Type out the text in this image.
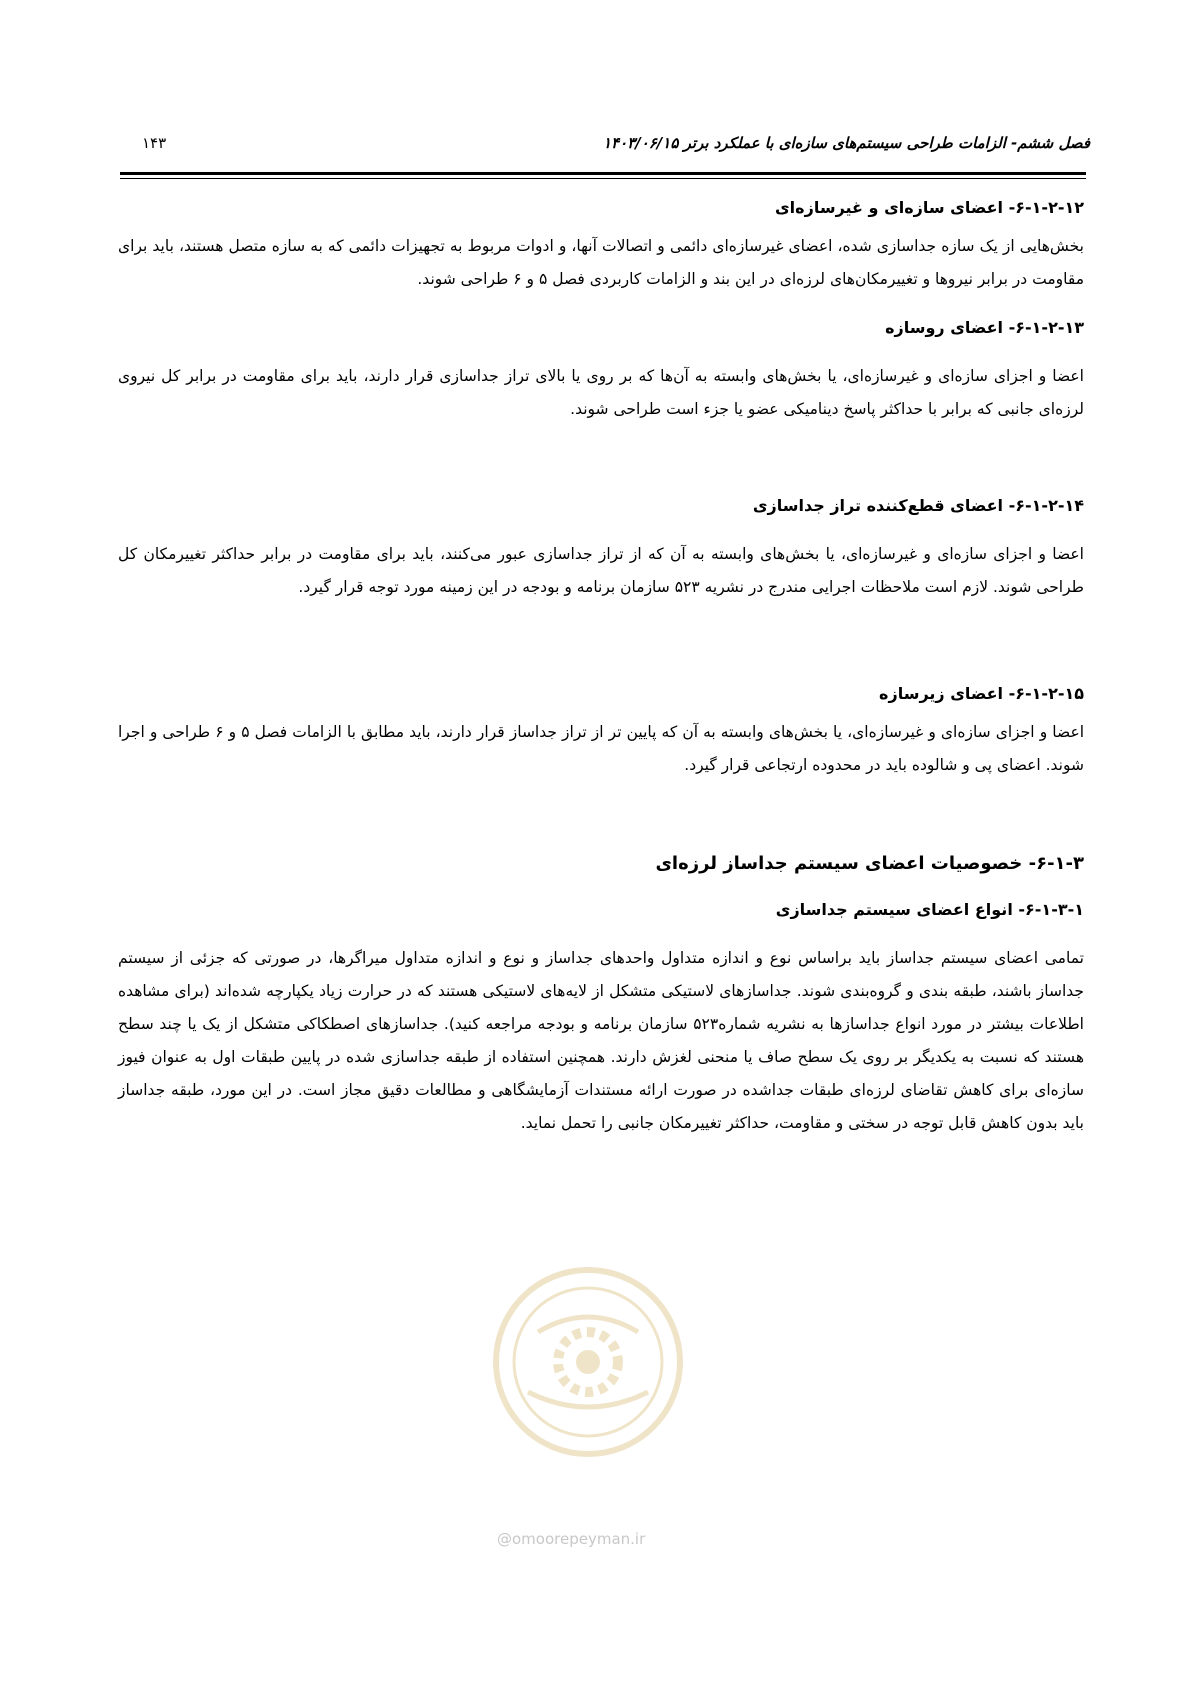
فصل ششم- الزامات طراحی سیستم‌های سازه‌ای با عملکرد برتر ۱۴۰۳/۰۶/۱۵
۱۴۳
۶-۱-۲-۱۲- اعضای سازه‌ای و غیرسازه‌ای

بخش‌هایی از یک سازه جداسازی شده، اعضای غیرسازه‌ای دائمی و اتصالات آنها، و ادوات مربوط به تجهیزات دائمی که به سازه متصل هستند، باید برای مقاومت در برابر نیروها و تغییرمکان‌های لرزه‌ای در این بند و الزامات کاربردی فصل ۵ و ۶ طراحی شوند.

۶-۱-۲-۱۳- اعضای روسازه

اعضا و اجزای سازه‌ای و غیرسازه‌ای، یا بخش‌های وابسته به آن‌ها که بر روی یا بالای تراز جداسازی قرار دارند، باید برای مقاومت در برابر کل نیروی لرزه‌ای جانبی که برابر با حداکثر پاسخ دینامیکی عضو یا جزء است طراحی شوند.

۶-۱-۲-۱۴- اعضای قطع‌کننده تراز جداسازی

اعضا و اجزای سازه‌ای و غیرسازه‌ای، یا بخش‌های وابسته به آن که از تراز جداسازی عبور می‌کنند، باید برای مقاومت در برابر حداکثر تغییرمکان کل طراحی شوند. لازم است ملاحظات اجرایی مندرج در نشریه ۵۲۳ سازمان برنامه و بودجه در این زمینه مورد توجه قرار گیرد.

۶-۱-۲-۱۵- اعضای زیرسازه

اعضا و اجزای سازه‌ای و غیرسازه‌ای، یا بخش‌های وابسته به آن که پایین تر از تراز جداساز قرار دارند، باید مطابق با الزامات فصل ۵ و ۶ طراحی و اجرا شوند. اعضای پی و شالوده باید در محدوده ارتجاعی قرار گیرد.

۶-۱-۳- خصوصیات اعضای سیستم جداساز لرزه‌ای
۶-۱-۳-۱- انواع اعضای سیستم جداسازی

تمامی اعضای سیستم جداساز باید براساس نوع و اندازه متداول واحدهای جداساز و نوع و اندازه متداول میراگرها، در صورتی که جزئی از سیستم جداساز باشند، طبقه بندی و گروه‌بندی شوند. جداسازهای لاستیکی متشکل از لایه‌های لاستیکی هستند که در حرارت زیاد یکپارچه شده‌اند (برای مشاهده اطلاعات بیشتر در مورد انواع جداسازها به نشریه شماره۵۲۳ سازمان برنامه و بودجه مراجعه کنید). جداسازهای اصطکاکی متشکل از یک یا چند سطح هستند که نسبت به یکدیگر بر روی یک سطح صاف یا منحنی لغزش دارند. همچنین استفاده از طبقه جداسازی شده در پایین طبقات اول به عنوان فیوز سازه‌ای برای کاهش تقاضای لرزه‌ای طبقات جداشده در صورت ارائه مستندات آزمایشگاهی و مطالعات دقیق مجاز است. در این مورد، طبقه جداساز باید بدون کاهش قابل توجه در سختی و مقاومت، حداکثر تغییرمکان جانبی را تحمل نماید.

@omoorepeyman.ir
